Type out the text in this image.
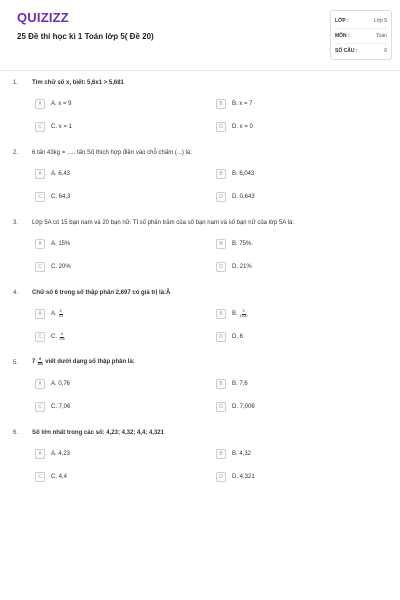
QUIZIZZ
25 Đề thi học kì 1 Toán lớp 5( Đề 20)
LỚP :	Lớp 5
MÔN :	Toán
SỐ CÂU :	6
1. Tìm chữ số x, biết: 5,6x1 > 5,681
A	A. x = 9	B	B. x = 7
C	C. x = 1	D	D. x = 0
2. 6 tấn 43kg = ..... tấn.Số thích hợp điền vào chỗ chấm (...) là:
A	A. 6,43	B	B. 6,043
C	C. 64,3	D	D. 0,643
3. Lớp 5A có 15 bạn nam và 20 bạn nữ. Tỉ số phần trăm của số bạn nam và số bạn nữ của lớp 5A là:
A	A. 15%	B	B. 75%.
C	C. 20%	D	D. 21%
4. Chữ số 6 trong số thập phân 2,697 có giá trị là:Â
A	A. $\frac{6}{10}$	B	B. $\frac{6}{1000}$
C	C. $\frac{6}{100}$	D	D. 6
5. $7 \frac{6}{100}$ viết dưới dạng số thập phân là:
A	A. 0,76	B	B. 7,6
C	C. 7,06	D	D. 7,006
6. Số lớn nhất trong các số: 4,23; 4,32; 4,4; 4,321
A	A. 4,23	B	B. 4,32
C	C. 4,4	D	D. 4,321
